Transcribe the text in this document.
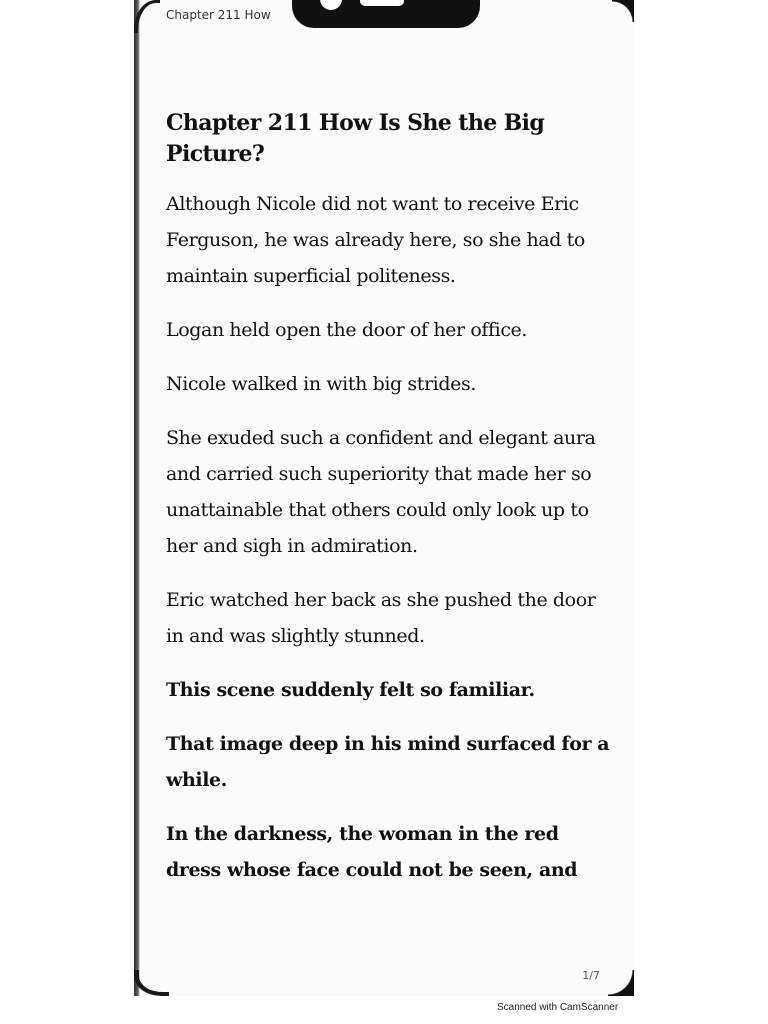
Chapter 211 How
Chapter 211 How Is She the Big Picture?

Although Nicole did not want to receive Eric Ferguson, he was already here, so she had to maintain superficial politeness.

Logan held open the door of her office.

Nicole walked in with big strides.

She exuded such a confident and elegant aura and carried such superiority that made her so unattainable that others could only look up to her and sigh in admiration.

Eric watched her back as she pushed the door in and was slightly stunned.

This scene suddenly felt so familiar.

That image deep in his mind surfaced for a while.

In the darkness, the woman in the red dress whose face could not be seen, and

1/7
Scanned with CamScanner
